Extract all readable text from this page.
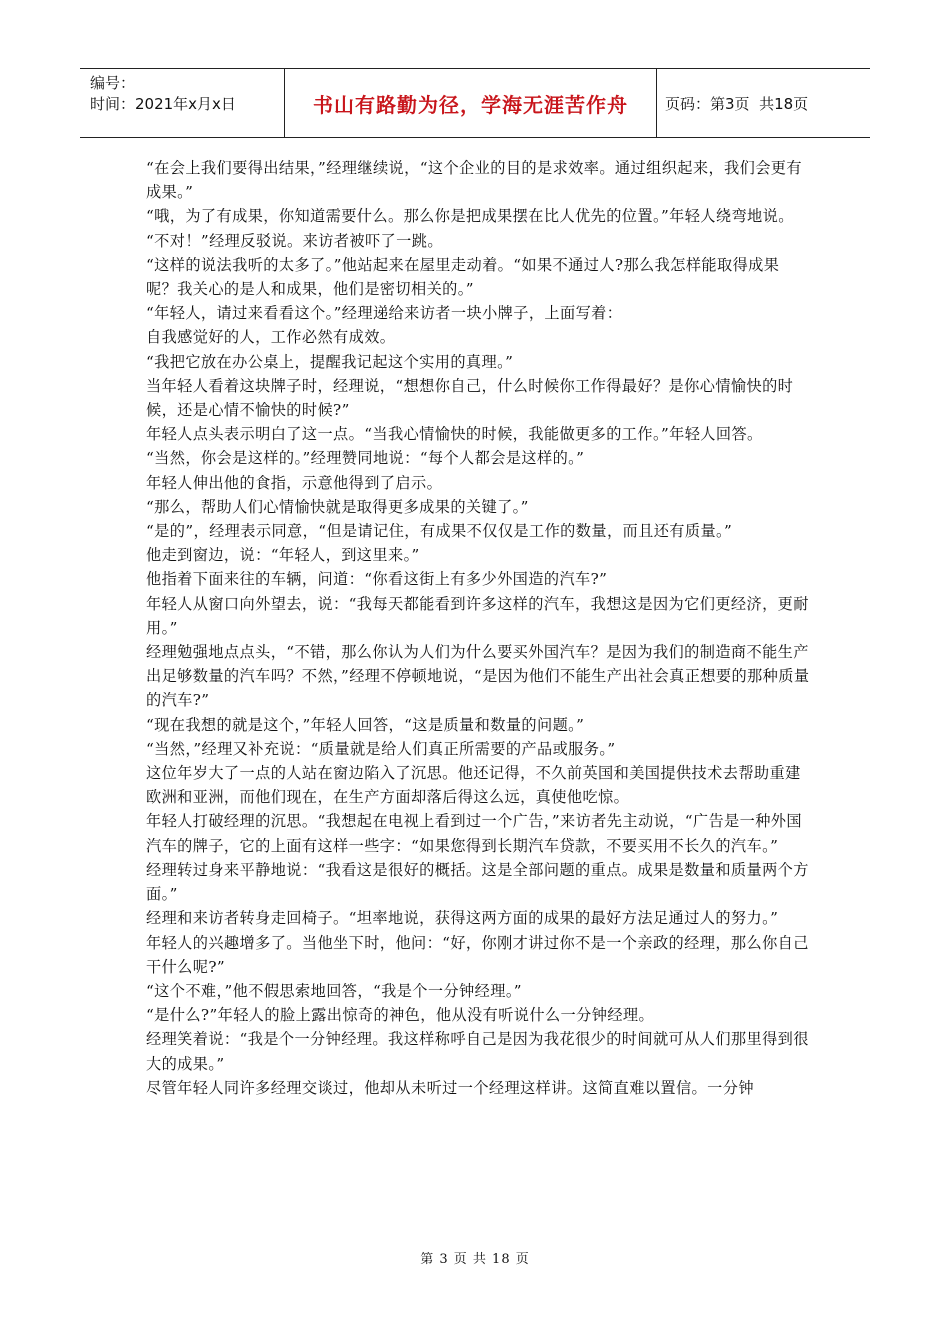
编号：
时间：2021年x月x日	书山有路勤为径，学海无涯苦作舟	页码：第3页  共18页

“在会上我们要得出结果，”经理继续说，“这个企业的目的是求效率。通过组织起来，我们会更有成果。”

“哦，为了有成果，你知道需要什么。那么你是把成果摆在比人优先的位置。”年轻人绕弯地说。

“不对！”经理反驳说。来访者被吓了一跳。

“这样的说法我听的太多了。”他站起来在屋里走动着。“如果不通过人?那么我怎样能取得成果呢？我关心的是人和成果，他们是密切相关的。”

“年轻人，请过来看看这个。”经理递给来访者一块小牌子，上面写着：

自我感觉好的人，工作必然有成效。

“我把它放在办公桌上，提醒我记起这个实用的真理。”

当年轻人看着这块牌子时，经理说，“想想你自己，什么时候你工作得最好？是你心情愉快的时候，还是心情不愉快的时候?”

年轻人点头表示明白了这一点。“当我心情愉快的时候，我能做更多的工作。”年轻人回答。

“当然，你会是这样的。”经理赞同地说：“每个人都会是这样的。”

年轻人伸出他的食指，示意他得到了启示。

“那么，帮助人们心情愉快就是取得更多成果的关键了。”

“是的”，经理表示同意，“但是请记住，有成果不仅仅是工作的数量，而且还有质量。”

他走到窗边，说：“年轻人，到这里来。”

他指着下面来往的车辆，问道：“你看这街上有多少外国造的汽车?”

年轻人从窗口向外望去，说：“我每天都能看到许多这样的汽车，我想这是因为它们更经济，更耐用。”

经理勉强地点点头，“不错，那么你认为人们为什么要买外国汽车？是因为我们的制造商不能生产出足够数量的汽车吗？不然，”经理不停顿地说，“是因为他们不能生产出社会真正想要的那种质量的汽车?”

“现在我想的就是这个，”年轻人回答，“这是质量和数量的问题。”

“当然，”经理又补充说：“质量就是给人们真正所需要的产品或服务。”

这位年岁大了一点的人站在窗边陷入了沉思。他还记得，不久前英国和美国提供技术去帮助重建欧洲和亚洲，而他们现在，在生产方面却落后得这么远，真使他吃惊。

年轻人打破经理的沉思。“我想起在电视上看到过一个广告，”来访者先主动说，“广告是一种外国汽车的牌子，它的上面有这样一些字：“如果您得到长期汽车贷款，不要买用不长久的汽车。”

经理转过身来平静地说：“我看这是很好的概括。这是全部问题的重点。成果是数量和质量两个方面。”

经理和来访者转身走回椅子。“坦率地说，获得这两方面的成果的最好方法足通过人的努力。”

年轻人的兴趣增多了。当他坐下时，他问：“好，你刚才讲过你不是一个亲政的经理，那么你自己干什么呢?”

“这个不难，”他不假思索地回答，“我是个一分钟经理。”

“是什么?”年轻人的脸上露出惊奇的神色，他从没有听说什么一分钟经理。

经理笑着说：“我是个一分钟经理。我这样称呼自己是因为我花很少的时间就可从人们那里得到很大的成果。”

尽管年轻人同许多经理交谈过，他却从未听过一个经理这样讲。这简直难以置信。一分钟

第 3 页 共 18 页
